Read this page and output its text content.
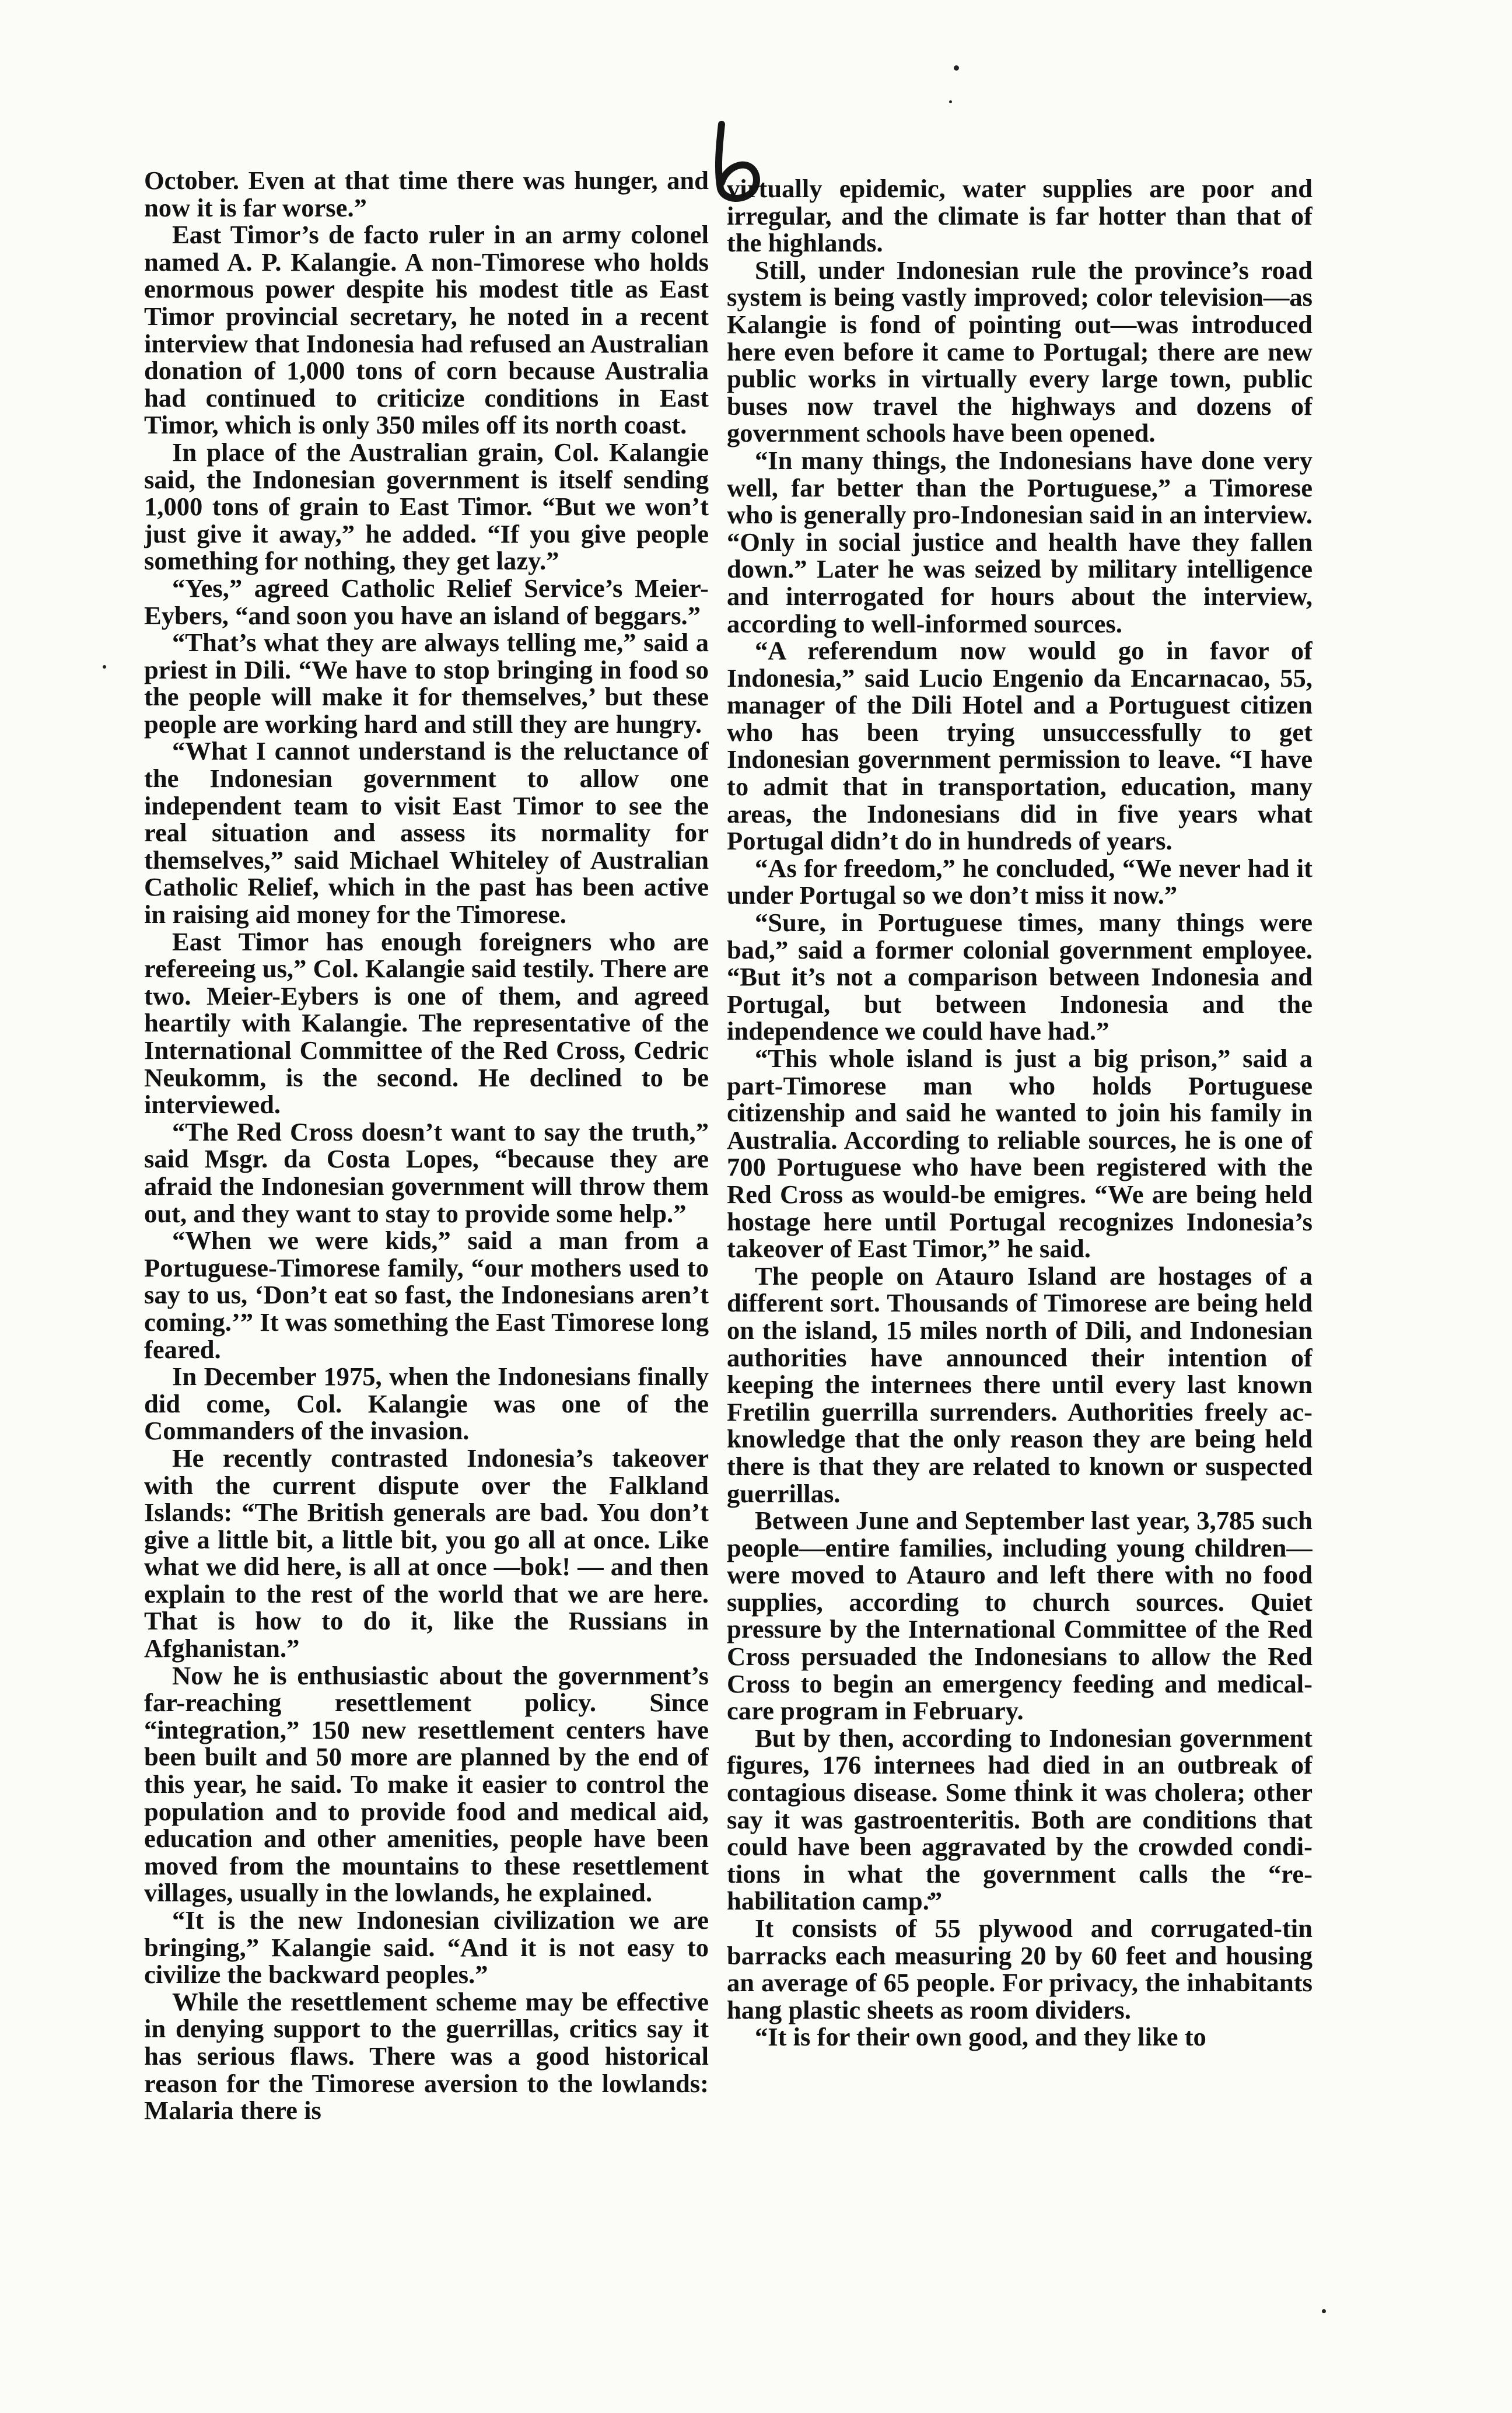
October. Even at that time there was hunger, and now it is far worse.”

East Timor’s de facto ruler in an army colonel named A. P. Kalangie. A non-Timorese who holds enormous power despite his modest title as East Timor provincial secretary, he noted in a recent interview that Indonesia had refused an Australian donation of 1,000 tons of corn because Australia had continued to criticize conditions in East Timor, which is only 350 miles off its north coast.

In place of the Australian grain, Col. Kalangie said, the Indonesian government is itself sending 1,000 tons of grain to East Timor. “But we won’t just give it away,” he added. “If you give people something for nothing, they get lazy.”

“Yes,” agreed Catholic Relief Service’s Meier-Eybers, “and soon you have an island of beggars.”

“That’s what they are always telling me,” said a priest in Dili. “We have to stop bringing in food so the people will make it for themselves,’ but these people are working hard and still they are hungry.

“What I cannot understand is the reluctance of the Indonesian government to allow one independent team to visit East Timor to see the real situation and assess its normality for themselves,” said Michael Whiteley of Australian Catholic Relief, which in the past has been active in raising aid money for the Timorese.

East Timor has enough foreigners who are refereeing us,” Col. Kalangie said testily. There are two. Meier-Eybers is one of them, and agreed heartily with Kalangie. The representative of the International Committee of the Red Cross, Cedric Neukomm, is the second. He declined to be interviewed.

“The Red Cross doesn’t want to say the truth,” said Msgr. da Costa Lopes, “because they are afraid the Indonesian government will throw them out, and they want to stay to provide some help.”

“When we were kids,” said a man from a Portuguese-Timorese family, “our mothers used to say to us, ‘Don’t eat so fast, the Indonesians aren’t coming.’” It was something the East Timorese long feared.

In December 1975, when the Indonesians finally did come, Col. Kalangie was one of the Commanders of the invasion.

He recently contrasted Indonesia’s takeover with the current dispute over the Falkland Islands: “The British generals are bad. You don’t give a little bit, a little bit, you go all at once. Like what we did here, is all at once —bok! — and then explain to the rest of the world that we are here. That is how to do it, like the Russians in Afghanistan.”

Now he is enthusiastic about the government’s far-reaching resettlement policy. Since “integration,” 150 new resettlement centers have been built and 50 more are planned by the end of this year, he said. To make it easier to control the population and to provide food and medical aid, education and other amenities, people have been moved from the mountains to these resettlement villages, usually in the lowlands, he explained.

“It is the new Indonesian civilization we are bringing,” Kalangie said. “And it is not easy to civilize the backward peoples.”

While the resettlement scheme may be effective in denying support to the guerrillas, critics say it has serious flaws. There was a good historical reason for the Timorese aversion to the lowlands: Malaria there is

virtually epidemic, water supplies are poor and irregular, and the climate is far hotter than that of the highlands.

Still, under Indonesian rule the province’s road system is being vastly improved; color television—as Kalangie is fond of pointing out—was introduced here even before it came to Portugal; there are new public works in virtually every large town, public buses now travel the highways and dozens of government schools have been opened.

“In many things, the Indonesians have done very well, far better than the Portuguese,” a Timorese who is generally pro-Indonesian said in an interview. “Only in social justice and health have they fallen down.” Later he was seized by military intelligence and interrogated for hours about the interview, according to well-informed sources.

“A referendum now would go in favor of Indonesia,” said Lucio Engenio da Encarnacao, 55, manager of the Dili Hotel and a Portuguest citizen who has been trying unsuccessfully to get Indonesian government permission to leave. “I have to admit that in transportation, education, many areas, the Indonesians did in five years what Portugal didn’t do in hundreds of years.

“As for freedom,” he concluded, “We never had it under Portugal so we don’t miss it now.”

“Sure, in Portuguese times, many things were bad,” said a former colonial government employee. “But it’s not a comparison between Indonesia and Portugal, but between Indonesia and the independence we could have had.”

“This whole island is just a big prison,” said a part-Timorese man who holds Portuguese citizenship and said he wanted to join his family in Australia. According to reliable sources, he is one of 700 Portuguese who have been registered with the Red Cross as would-be emigres. “We are being held hostage here until Portugal recognizes Indonesia’s takeover of East Timor,” he said.

The people on Atauro Island are hostages of a different sort. Thousands of Timorese are being held on the island, 15 miles north of Dili, and Indonesian authorities have announced their intention of keeping the internees there until every last known Fretilin guerrilla surrenders. Authorities freely acknowledge that the only reason they are being held there is that they are related to known or suspected guerrillas.

Between June and September last year, 3,785 such people—entire families, including young children—were moved to Atauro and left there with no food supplies, according to church sources. Quiet pressure by the International Committee of the Red Cross persuaded the Indonesians to allow the Red Cross to begin an emergency feeding and medical-care program in February.

But by then, according to Indonesian government figures, 176 internees had died in an outbreak of contagious disease. Some think it was cholera; other say it was gastroenteritis. Both are conditions that could have been aggravated by the crowded conditions in what the government calls the “rehabilitation camp.”

It consists of 55 plywood and corrugated-tin barracks each measuring 20 by 60 feet and housing an average of 65 people. For privacy, the inhabitants hang plastic sheets as room dividers.

“It is for their own good, and they like to
